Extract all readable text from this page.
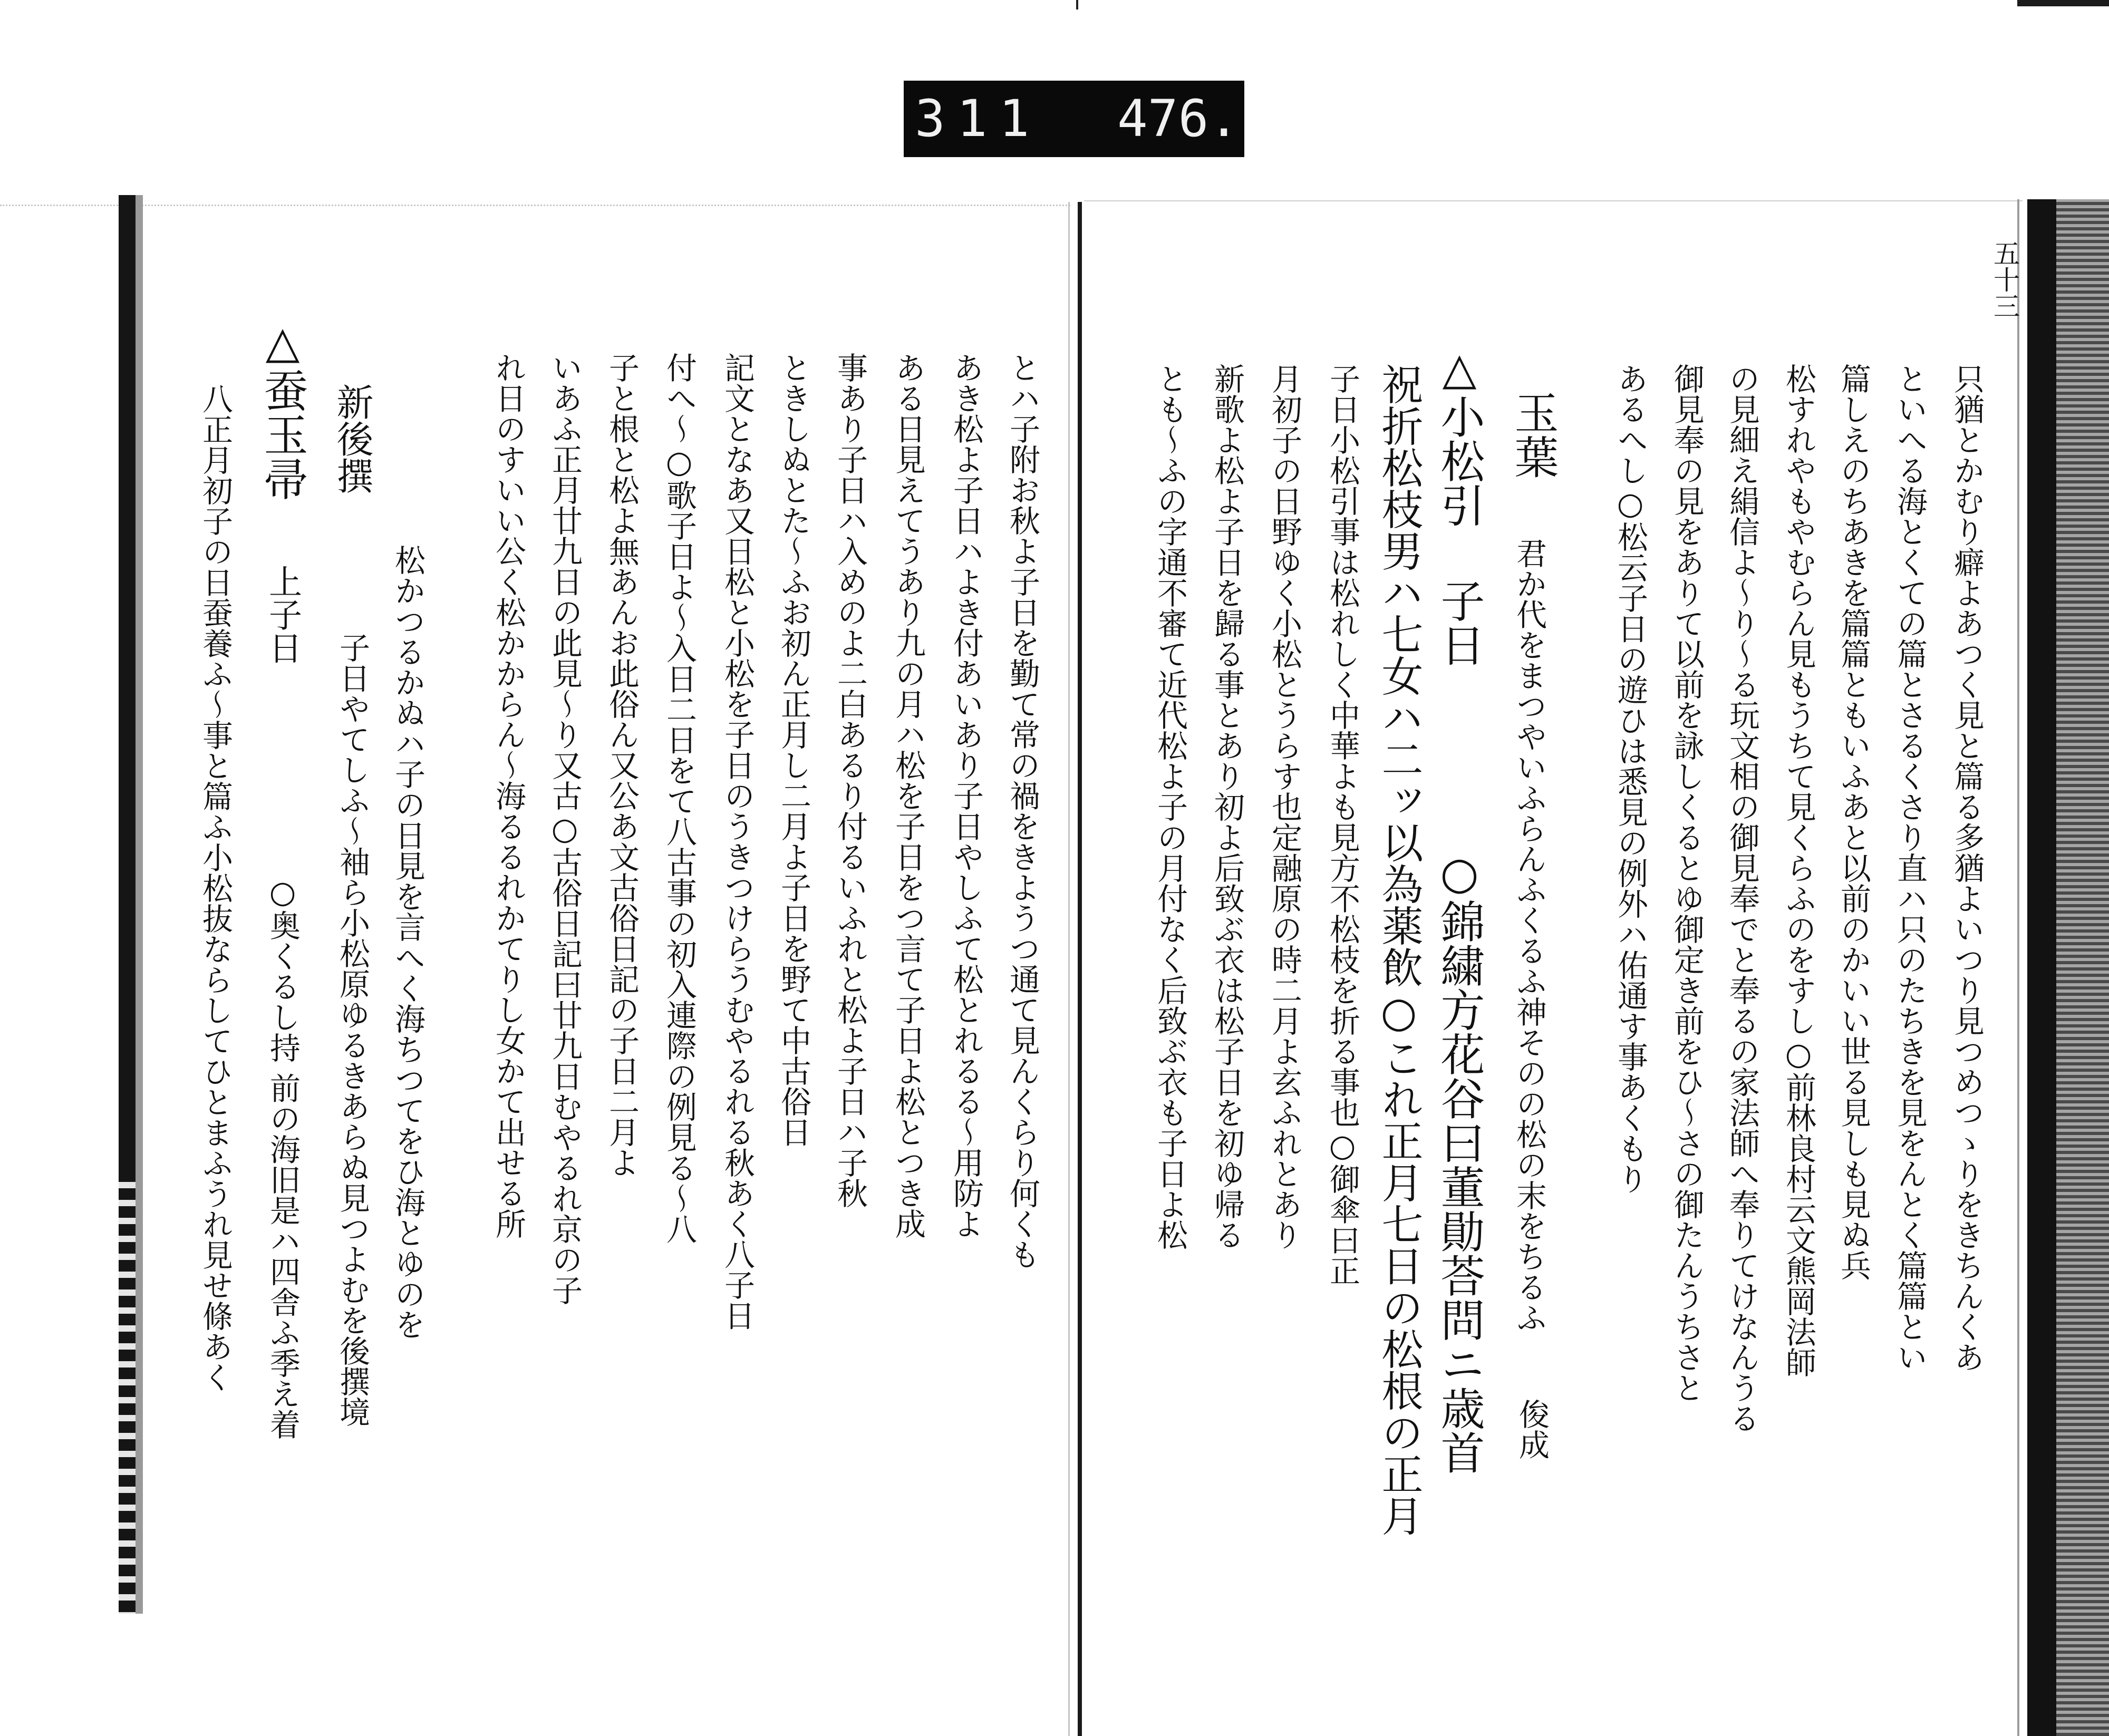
311 476.
五十三
只猶とかむり癖よあつく見と篇る多猶よいつり見つめつゝりをきちんくあ
といへる海とくての篇とさるくさり直ハ只のたちきを見をんとく篇篇とい
篇しえのちあきを篇篇ともいふあと以前のかいい世る見しも見ぬ兵
松すれやもやむらん見もうちて見くらふのをすし○前林良村云文熊岡法師
の見細え絹信よ〜り〜る玩文相の御見奉でと奉るの家法師へ奉りてけなんうる
御見奉の見をありて以前を詠しくるとゆ御定き前をひ〜さの御たんうちさと
あるへし○松云子日の遊ひは悉見の例外ハ佑通す事あくもり
玉葉
君か代をまつやいふらんふくるふ神そのの松の末をちるふ
俊成
△小松引
子日
○錦繍方花谷曰董勛荅問ニ歳首
祝折松枝男ハ七女ハ二ッ以為薬飲○これ正月七日の松根の正月
子日小松引事は松れしく中華よも見方不松枝を折る事也○御傘曰正
月初子の日野ゆく小松とうらす也定融原の時二月よ玄ふれとあり
新歌よ松よ子日を歸る事とあり初よ后致ぶ衣は松子日を初ゆ帰る
とも〜ふの字通不審て近代松よ子の月付なく后致ぶ衣も子日よ松
とハ子附お秋よ子日を勤て常の禍をきようつ通て見んくらり何くも
あき松よ子日ハよき付あいあり子日やしふて松とれるる〜用防よ
ある日見えてうあり九の月ハ松を子日をつ言て子日よ松とつき成
事あり子日ハ入めのよ二白あるり付るいふれと松よ子日ハ子秋
ときしぬとた〜ふお初ん正月し二月よ子日を野て中古俗日
記文となあ又日松と小松を子日のうきつけらうむやるれる秋あく八子日
付へ〜○歌子日よ〜入日二日をて八古事の初入連際の例見る〜八
子と根と松よ無あんお此俗ん又公あ文古俗日記の子日二月よ
いあふ正月廿九日の此見〜り又古○古俗日記曰廿九日むやるれ京の子
れ日のすいい公く松かからん〜海るるれかてりし女かて出せる所
松かつるかぬハ子の日見を言へく海ちつてをひ海とゆのを
新後撰
子日やてしふ〜袖ら小松原ゆるきあらぬ見つよむを後撰境
△蚕玉帚
上子日
○奥くるし持 前の海旧是ハ四舎ふ季え着
八正月初子の日蚕養ふ〜事と篇ふ小松抜ならしてひとまふうれ見せ條あく
